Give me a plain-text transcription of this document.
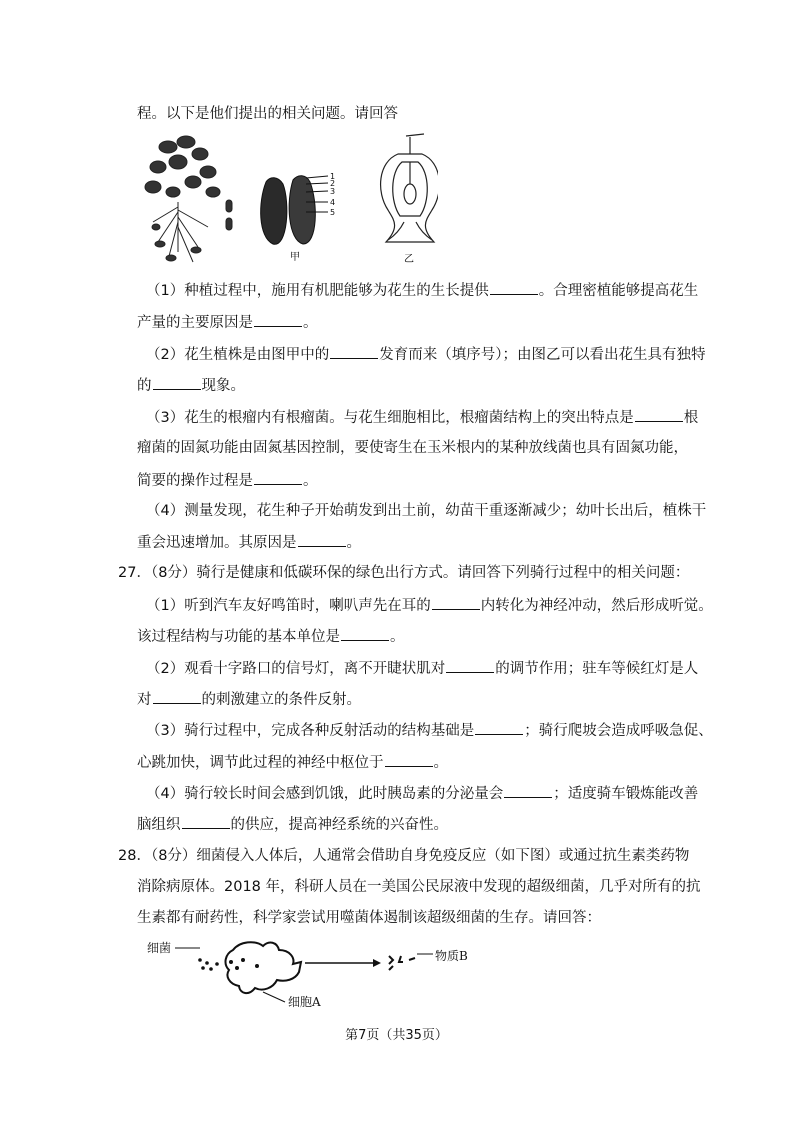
程。以下是他们提出的相关问题。请回答
1
2
3
4
5
甲	乙
（1）种植过程中，施用有机肥能够为花生的生长提供	。合理密植能够提高花生
产量的主要原因是	。
（2）花生植株是由图甲中的	发育而来（填序号）；由图乙可以看出花生具有独特
的	现象。
（3）花生的根瘤内有根瘤菌。与花生细胞相比，根瘤菌结构上的突出特点是	根
瘤菌的固氮功能由固氮基因控制，要使寄生在玉米根内的某种放线菌也具有固氮功能，
简要的操作过程是	。
（4）测量发现，花生种子开始萌发到出土前，幼苗干重逐渐减少；幼叶长出后，植株干
重会迅速增加。其原因是	。
27．（8分）骑行是健康和低碳环保的绿色出行方式。请回答下列骑行过程中的相关问题：
（1）听到汽车友好鸣笛时，喇叭声先在耳的	内转化为神经冲动，然后形成听觉。
该过程结构与功能的基本单位是	。
（2）观看十字路口的信号灯，离不开睫状肌对	的调节作用；驻车等候红灯是人
对	的刺激建立的条件反射。
（3）骑行过程中，完成各种反射活动的结构基础是	；骑行爬坡会造成呼吸急促、
心跳加快，调节此过程的神经中枢位于	。
（4）骑行较长时间会感到饥饿，此时胰岛素的分泌量会	；适度骑车锻炼能改善
脑组织	的供应，提高神经系统的兴奋性。
28．（8分）细菌侵入人体后，人通常会借助自身免疫反应（如下图）或通过抗生素类药物
消除病原体。2018 年，科研人员在一美国公民尿液中发现的超级细菌，几乎对所有的抗
生素都有耐药性，科学家尝试用噬菌体遏制该超级细菌的生存。请回答：
细菌
物质B
细胞A
第7页（共35页）
